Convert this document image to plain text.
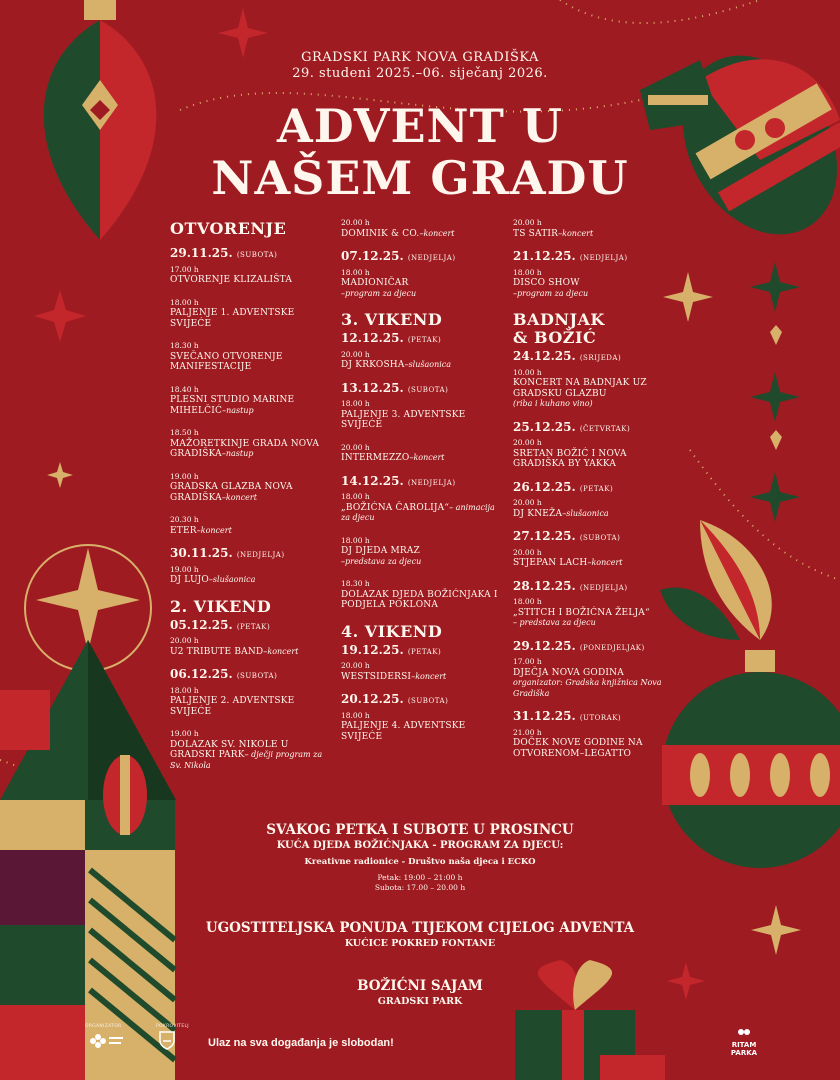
GRADSKI PARK NOVA GRADIŠKA
29. studeni 2025.–06. siječanj 2026.
ADVENT U
NAŠEM GRADU
OTVORENJE
29.11.25. (SUBOTA)
17.00 h
OTVORENJE KLIZALIŠTA
18.00 h
PALJENJE 1. ADVENTSKE SVIJEĆE
18.30 h
SVEČANO OTVORENJE MANIFESTACIJE
18.40 h
PLESNI STUDIO MARINE MIHELČIĆ–nastup
18.50 h
MAŽORETKINJE GRADA NOVA GRADIŠKA–nastup
19.00 h
GRADSKA GLAZBA NOVA GRADIŠKA–koncert
20.30 h
ETER–koncert
30.11.25. (NEDJELJA)
19.00 h
DJ LUJO–slušaonica
2. VIKEND
05.12.25. (PETAK)
20.00 h
U2 TRIBUTE BAND–koncert
06.12.25. (SUBOTA)
18.00 h
PALJENJE 2. ADVENTSKE SVIJEĆE
19.00 h
DOLAZAK SV. NIKOLE U GRADSKI PARK– dječji program za Sv. Nikola
20.00 h
DOMINIK & CO.–koncert
07.12.25. (NEDJELJA)
18.00 h
MADIONIČAR
–program za djecu
3. VIKEND
12.12.25. (PETAK)
20.00 h
DJ KRKOSHA–slušaonica
13.12.25. (SUBOTA)
18.00 h
PALJENJE 3. ADVENTSKE SVIJEĆE
20.00 h
INTERMEZZO–koncert
14.12.25. (NEDJELJA)
18.00 h
„BOŽIĆNA ČAROLIJA“– animacija za djecu
18.00 h
DJ DJEDA MRAZ
–predstava za djecu
18.30 h
DOLAZAK DJEDA BOŽIĆNJAKA I PODJELA POKLONA
4. VIKEND
19.12.25. (PETAK)
20.00 h
WESTSIDERSI–koncert
20.12.25. (SUBOTA)
18.00 h
PALJENJE 4. ADVENTSKE SVIJEĆE
20.00 h
TS SATIR–koncert
21.12.25. (NEDJELJA)
18.00 h
DISCO SHOW
–program za djecu
BADNJAK
& BOŽIĆ
24.12.25. (SRIJEDA)
10.00 h
KONCERT NA BADNJAK UZ GRADSKU GLAZBU
(riba i kuhano vino)
25.12.25. (ČETVRTAK)
20.00 h
SRETAN BOŽIĆ I NOVA GRADIŠKA BY YAKKA
26.12.25. (PETAK)
20.00 h
DJ KNEŽA–slušaonica
27.12.25. (SUBOTA)
20.00 h
STJEPAN LACH–koncert
28.12.25. (NEDJELJA)
18.00 h
„STITCH I BOŽIĆNA ŽELJA“
– predstava za djecu
29.12.25. (PONEDJELJAK)
17.00 h
DJEČJA NOVA GODINA
organizator: Gradska knjižnica Nova Gradiška
31.12.25. (UTORAK)
21.00 h
DOČEK NOVE GODINE NA OTVORENOM–LEGATTO
SVAKOG PETKA I SUBOTE U PROSINCU
KUĆA DJEDA BOŽIĆNJAKA - PROGRAM ZA DJECU:
Kreativne radionice - Društvo naša djeca i ECKO
Petak: 19:00 – 21:00 h
Subota: 17.00 – 20.00 h
UGOSTITELJSKA PONUDA TIJEKOM CIJELOG ADVENTA
KUĆICE POKRED FONTANE
BOŽIĆNI SAJAM
GRADSKI PARK
ORGANIZATOR	POKROVITELJ
Ulaz na sva događanja je slobodan!	RITAM PARKA
